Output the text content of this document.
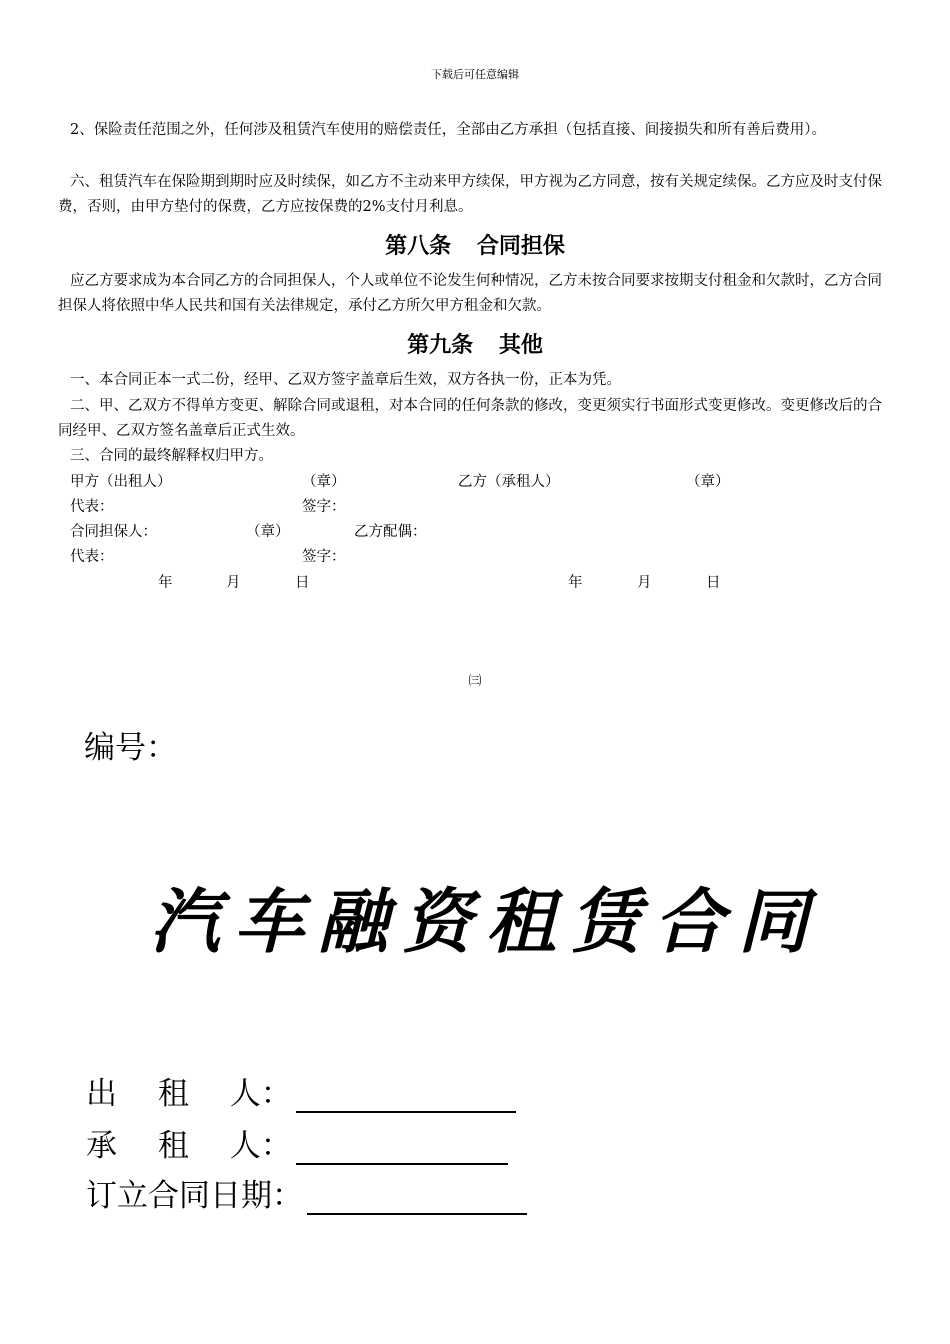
下载后可任意编辑

2、保险责任范围之外，任何涉及租赁汽车使用的赔偿责任，全部由乙方承担（包括直接、间接损失和所有善后费用）。

六、租赁汽车在保险期到期时应及时续保，如乙方不主动来甲方续保，甲方视为乙方同意，按有关规定续保。乙方应及时支付保费，否则，由甲方垫付的保费，乙方应按保费的2%支付月利息。

第八条 合同担保

应乙方要求成为本合同乙方的合同担保人，个人或单位不论发生何种情况，乙方未按合同要求按期支付租金和欠款时，乙方合同担保人将依照中华人民共和国有关法律规定，承付乙方所欠甲方租金和欠款。

第九条 其他

一、本合同正本一式二份，经甲、乙双方签字盖章后生效，双方各执一份，正本为凭。

二、甲、乙双方不得单方变更、解除合同或退租，对本合同的任何条款的修改，变更须实行书面形式变更修改。变更修改后的合同经甲、乙双方签名盖章后正式生效。

三、合同的最终解释权归甲方。

甲方（出租人）	（章）	乙方（承租人）	（章）
代表：	签字：
合同担保人：	（章）	乙方配偶：
代表：	签字：
年	月	日	年	月	日
㈢
编号：
汽车融资租赁合同
出　 租　 人：
承　 租　 人：
订立合同日期：
